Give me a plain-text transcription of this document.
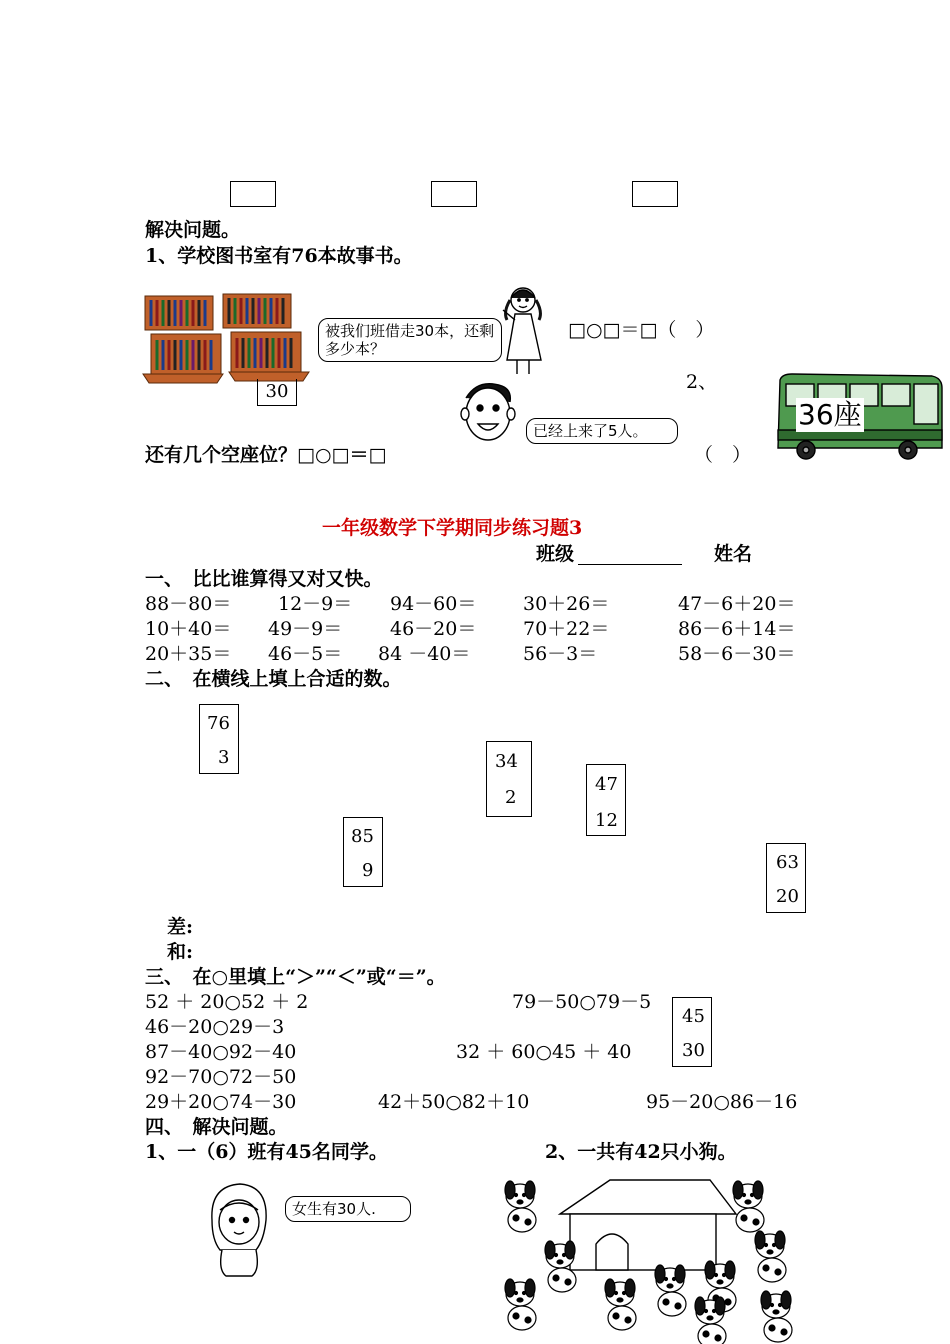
解决问题。
1、学校图书室有76本故事书。
30
被我们班借走30本，还剩多少本？
□○□＝□（　）
2、
36座
已经上来了5人。
还有几个空座位？□○□＝□	（　）
一年级数学下学期同步练习题3
班级	姓名
一、　比比谁算得又对又快。
88－80＝ 12－9＝ 94－60＝ 30＋26＝	47－6＋20＝
10＋40＝ 49－9＝	46－20＝ 70＋22＝	86－6＋14＝
20＋35＝ 46－5＝ 84 －40＝	56－3＝	58－6－30＝
二、　在横线上填上合适的数。
76
3	34
2
47
12
85
9	63
20
差:
和:
三、　在○里填上“＞”“＜”或“＝”。
52 ＋ 20○52 ＋ 2	79－50○79－5
46－20○29－3
87－40○92－40	32 ＋ 60○45 ＋ 40
92－70○72－50
29＋20○74－30	42＋50○82＋10	95－20○86－16
45
30
四、　解决问题。
1、一（6）班有45名同学。	2、一共有42只小狗。
女生有30人.
